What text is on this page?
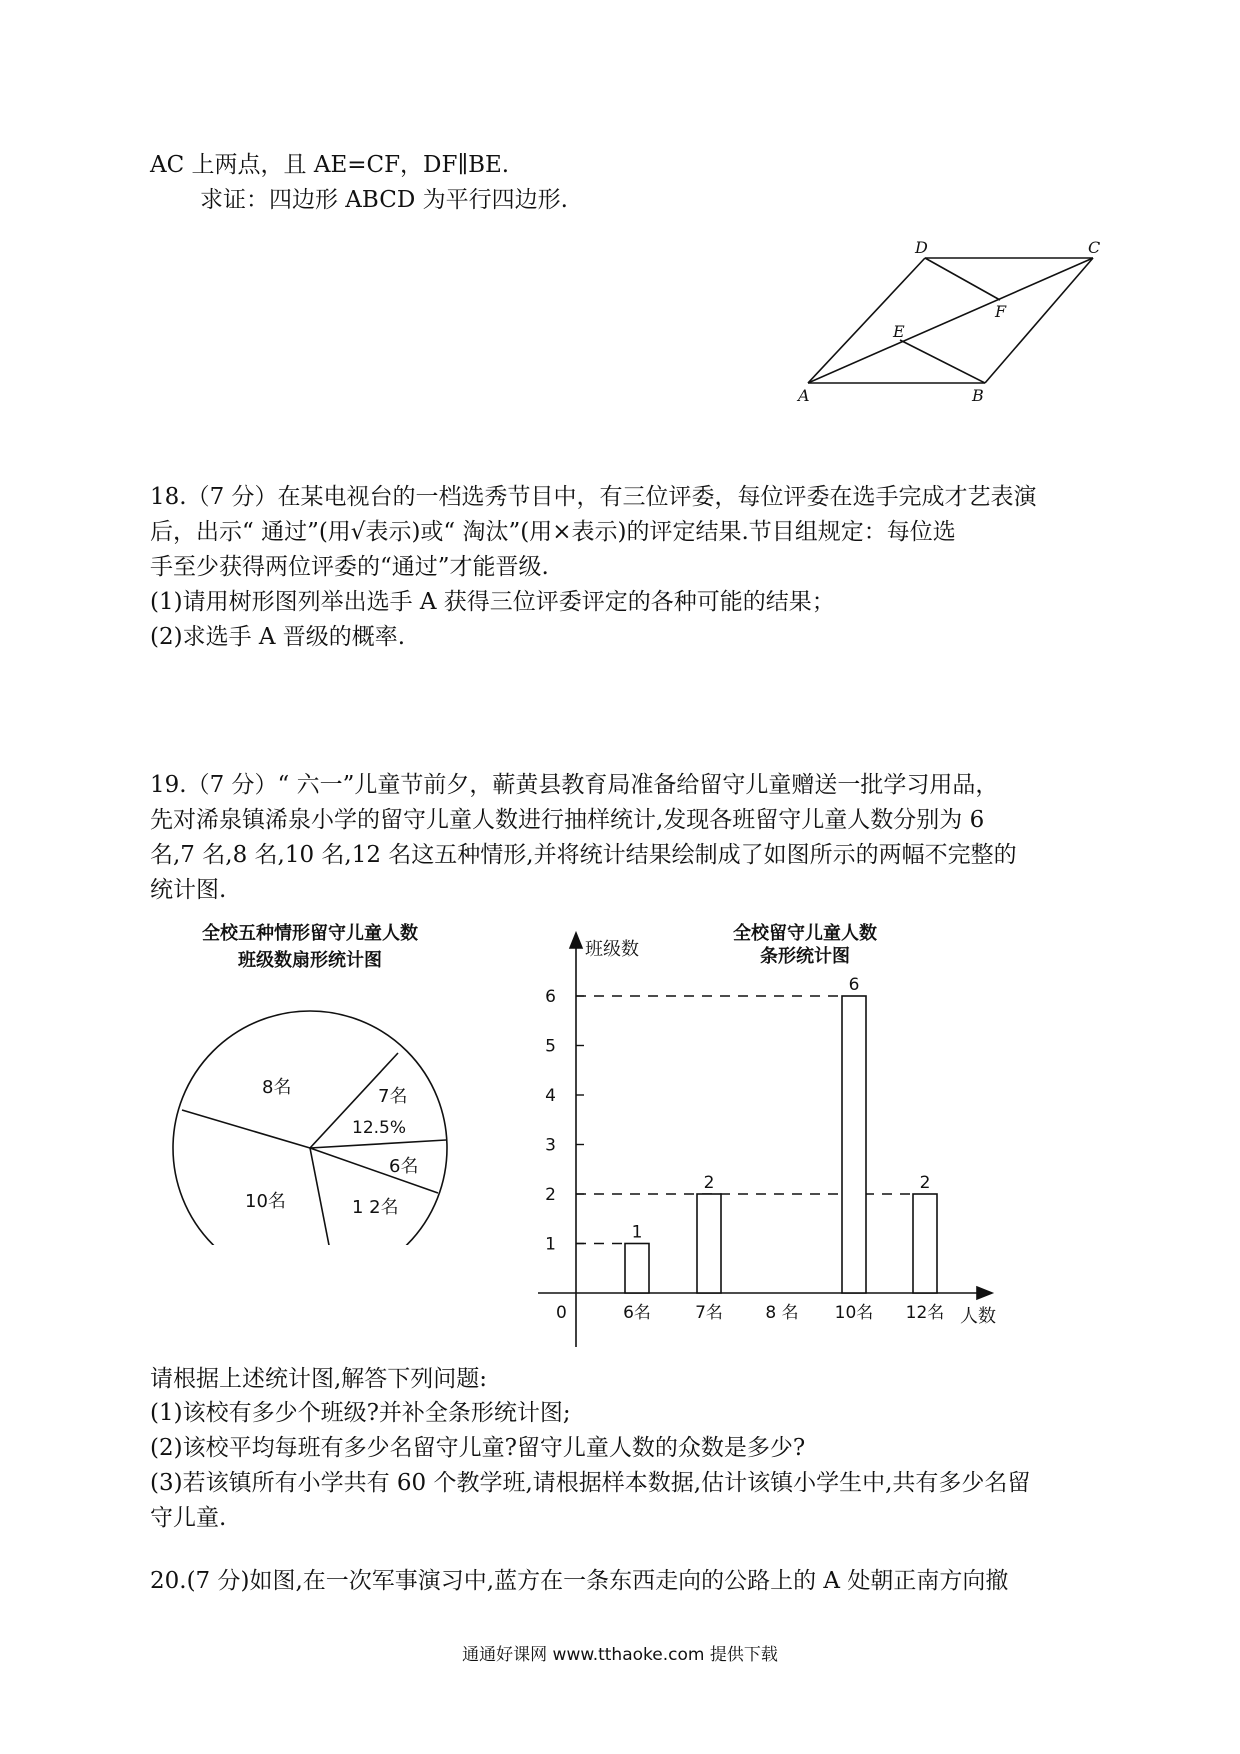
AC 上两点，且 AE=CF，DF∥BE.
求证：四边形 ABCD 为平行四边形.
A	B
C
D
E
F
18.（7 分）在某电视台的一档选秀节目中，有三位评委，每位评委在选手完成才艺表演
后，出示“ 通过”(用√表示)或“ 淘汰”(用×表示)的评定结果.节目组规定：每位选
手至少获得两位评委的“通过”才能晋级.
(1)请用树形图列举出选手 A 获得三位评委评定的各种可能的结果；
(2)求选手 A 晋级的概率.
19.（7 分）“ 六一”儿童节前夕，蕲黄县教育局准备给留守儿童赠送一批学习用品，
先对浠泉镇浠泉小学的留守儿童人数进行抽样统计,发现各班留守儿童人数分别为 6
名,7 名,8 名,10 名,12 名这五种情形,并将统计结果绘制成了如图所示的两幅不完整的
统计图.
全校五种情形留守儿童人数
班级数扇形统计图
8名	7名
12.5%
6名
1 2名
10名
全校留守儿童人数
条形统计图
班级数
人数
0
1
2
3
4
5
6
1
6名
2
7名 8 名
6
10名
2
12名
请根据上述统计图,解答下列问题:
(1)该校有多少个班级?并补全条形统计图;
(2)该校平均每班有多少名留守儿童?留守儿童人数的众数是多少?
(3)若该镇所有小学共有 60 个教学班,请根据样本数据,估计该镇小学生中,共有多少名留
守儿童.
20.(7 分)如图,在一次军事演习中,蓝方在一条东西走向的公路上的 A 处朝正南方向撤
通通好课网 www.tthaoke.com 提供下载
